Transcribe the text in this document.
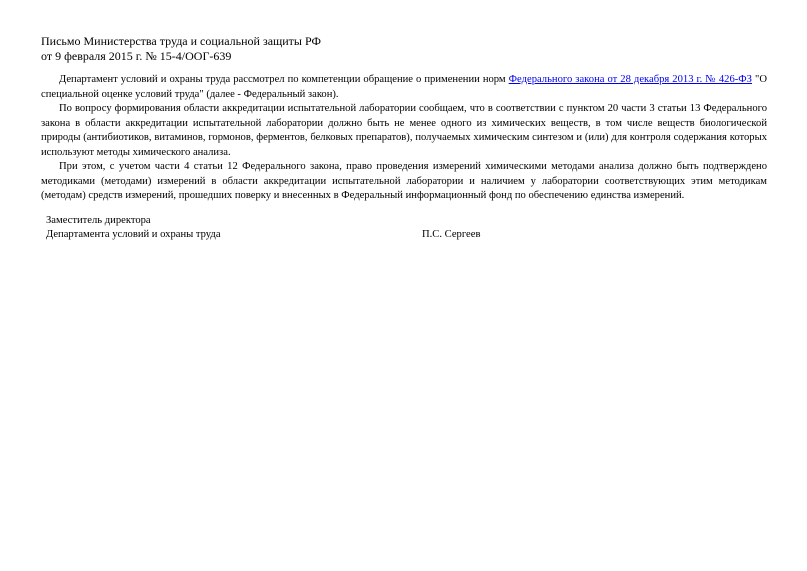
Письмо Министерства труда и социальной защиты РФ

от 9 февраля 2015 г. № 15-4/ООГ-639

Департамент условий и охраны труда рассмотрел по компетенции обращение о применении норм Федерального закона от 28 декабря 2013 г. № 426-ФЗ "О специальной оценке условий труда" (далее - Федеральный закон).

По вопросу формирования области аккредитации испытательной лаборатории сообщаем, что в соответствии с пунктом 20 части 3 статьи 13 Федерального закона в области аккредитации испытательной лаборатории должно быть не менее одного из химических веществ, в том числе веществ биологической природы (антибиотиков, витаминов, гормонов, ферментов, белковых препаратов), получаемых химическим синтезом и (или) для контроля содержания которых используют методы химического анализа.

При этом, с учетом части 4 статьи 12 Федерального закона, право проведения измерений химическими методами анализа должно быть подтверждено методиками (методами) измерений в области аккредитации испытательной лаборатории и наличием у лаборатории соответствующих этим методикам (методам) средств измерений, прошедших поверку и внесенных в Федеральный информационный фонд по обеспечению единства измерений.

Заместитель директора
Департамента условий и охраны труда	П.С. Сергеев
